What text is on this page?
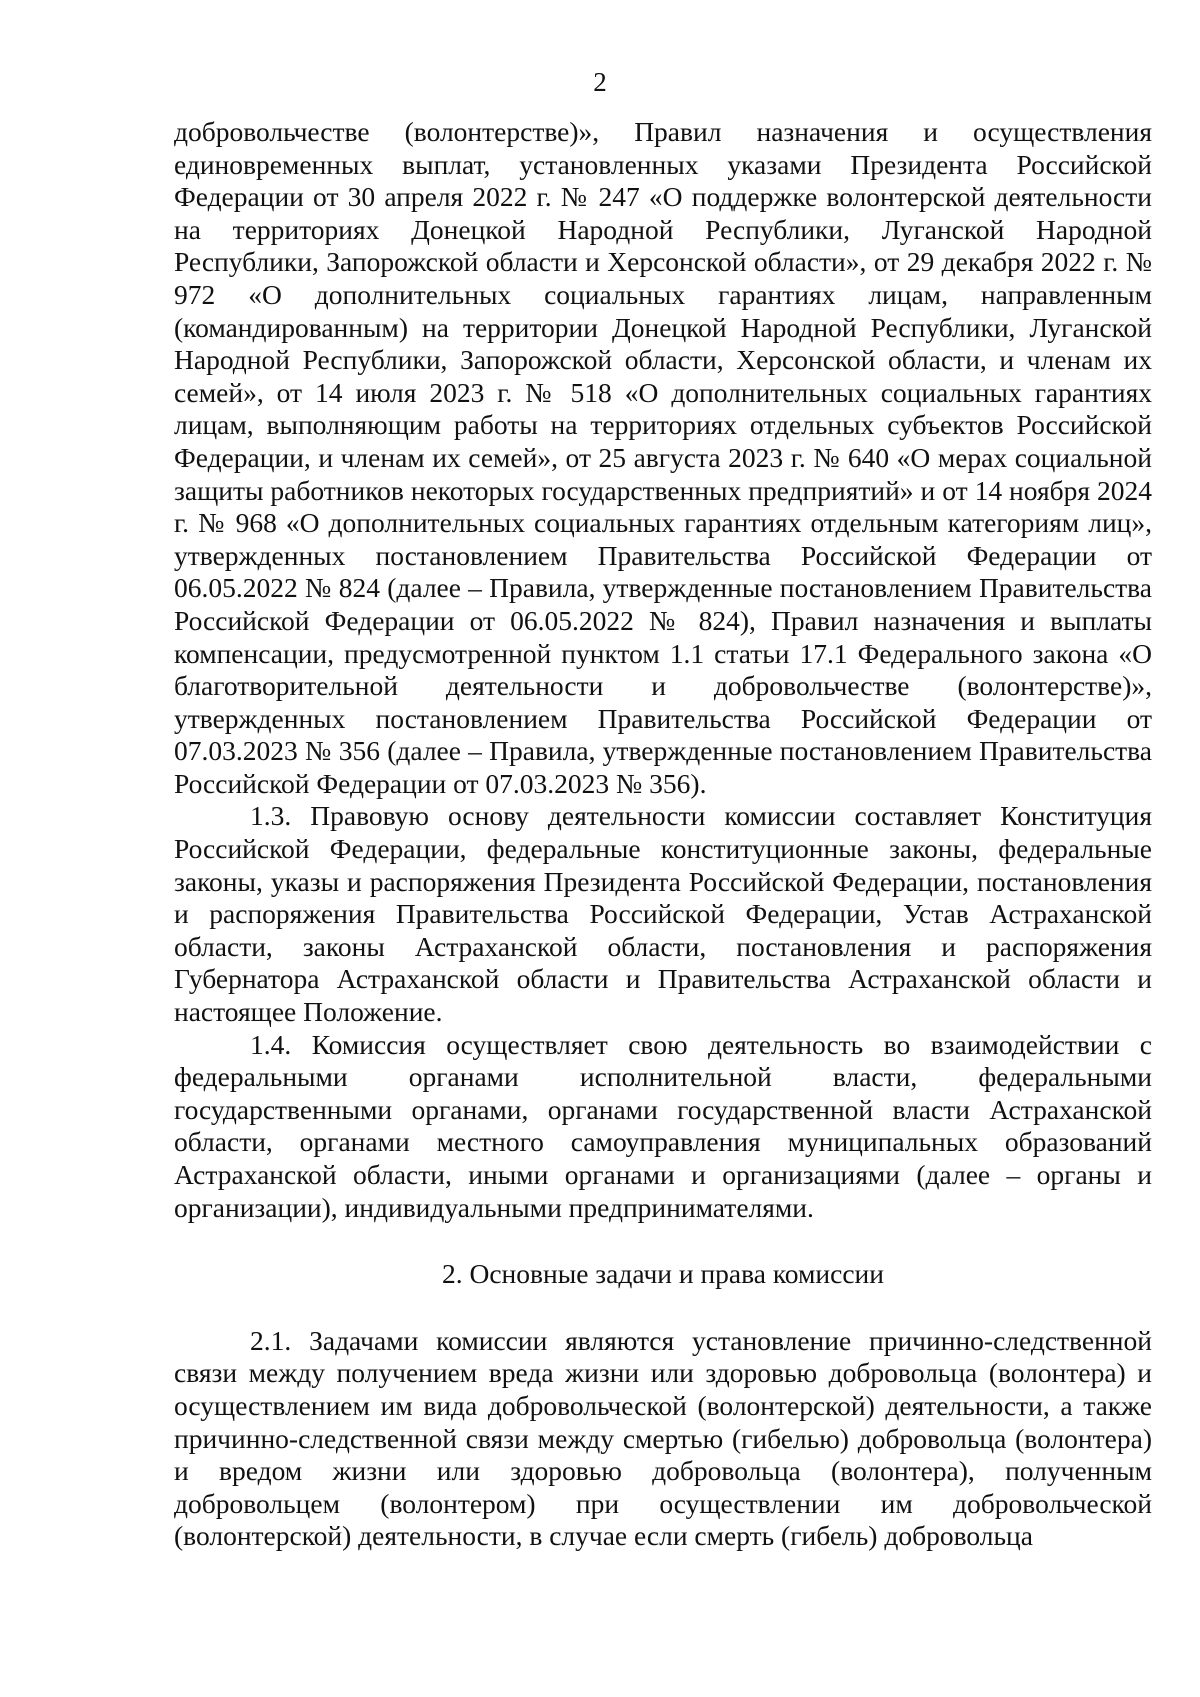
2

добровольчестве (волонтерстве)», Правил назначения и осуществления единовременных выплат, установленных указами Президента Российской Федерации от 30 апреля 2022 г. № 247 «О поддержке волонтерской деятельности на территориях Донецкой Народной Республики, Луганской Народной Республики, Запорожской области и Херсонской области», от 29 декабря 2022 г. № 972 «О дополнительных социальных гарантиях лицам, направленным (командированным) на территории Донецкой Народной Республики, Луганской Народной Республики, Запорожской области, Херсонской области, и членам их семей», от 14 июля 2023 г. № 518 «О дополнительных социальных гарантиях лицам, выполняющим работы на территориях отдельных субъектов Российской Федерации, и членам их семей», от 25 августа 2023 г. № 640 «О мерах социальной защиты работников некоторых государственных предприятий» и от 14 ноября 2024 г. № 968 «О дополнительных социальных гарантиях отдельным категориям лиц», утвержденных постановлением Правительства Российской Федерации от 06.05.2022 № 824 (далее – Правила, утвержденные постановлением Правительства Российской Федерации от 06.05.2022 № 824), Правил назначения и выплаты компенсации, предусмотренной пунктом 1.1 статьи 17.1 Федерального закона «О благотворительной деятельности и добровольчестве (волонтерстве)», утвержденных постановлением Правительства Российской Федерации от 07.03.2023 № 356 (далее – Правила, утвержденные постановлением Правительства Российской Федерации от 07.03.2023 № 356).

1.3. Правовую основу деятельности комиссии составляет Конституция Российской Федерации, федеральные конституционные законы, федеральные законы, указы и распоряжения Президента Российской Федерации, постановления и распоряжения Правительства Российской Федерации, Устав Астраханской области, законы Астраханской области, постановления и распоряжения Губернатора Астраханской области и Правительства Астраханской области и настоящее Положение.

1.4. Комиссия осуществляет свою деятельность во взаимодействии с федеральными органами исполнительной власти, федеральными государственными органами, органами государственной власти Астраханской области, органами местного самоуправления муниципальных образований Астраханской области, иными органами и организациями (далее – органы и организации), индивидуальными предпринимателями.

2. Основные задачи и права комиссии

2.1. Задачами комиссии являются установление причинно-следственной связи между получением вреда жизни или здоровью добровольца (волонтера) и осуществлением им вида добровольческой (волонтерской) деятельности, а также причинно-следственной связи между смертью (гибелью) добровольца (волонтера) и вредом жизни или здоровью добровольца (волонтера), полученным добровольцем (волонтером) при осуществлении им добровольческой (волонтерской) деятельности, в случае если смерть (гибель) добровольца
